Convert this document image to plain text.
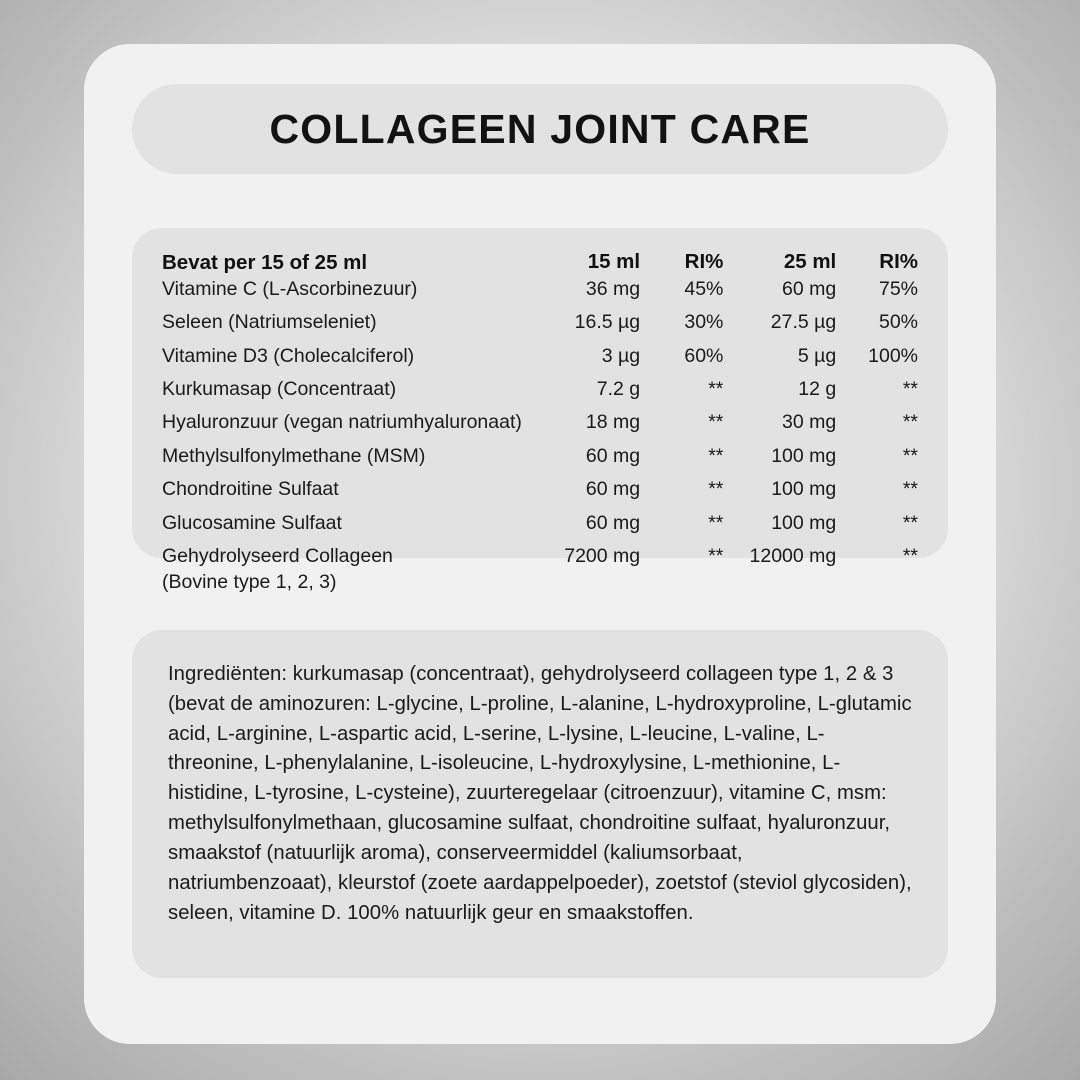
COLLAGEEN JOINT CARE
Bevat per 15 of 25 ml	15 ml	RI%	25 ml	RI%
Vitamine C (L-Ascorbinezuur)	36 mg	45%	60 mg	75%
Seleen (Natriumseleniet)	16.5 µg	30%	27.5 µg	50%
Vitamine D3 (Cholecalciferol)	3 µg	60%	5 µg	100%
Kurkumasap (Concentraat)	7.2 g	**	12 g	**
Hyaluronzuur (vegan natriumhyaluronaat)	18 mg	**	30 mg	**
Methylsulfonylmethane (MSM)	60 mg	**	100 mg	**
Chondroitine Sulfaat	60 mg	**	100 mg	**
Glucosamine Sulfaat	60 mg	**	100 mg	**

Gehydrolyseerd Collageen
(Bovine type 1, 2, 3)	7200 mg	**	12000 mg	**
Ingrediënten: kurkumasap (concentraat), gehydrolyseerd collageen type 1, 2 & 3 (bevat de aminozuren: L-glycine, L-proline, L-alanine, L-hydroxyproline, L-glutamic acid, L-arginine, L-aspartic acid, L-serine, L-lysine, L-leucine, L-valine, L-threonine, L-phenylalanine, L-isoleucine, L-hydroxylysine, L-methionine, L-histidine, L-tyrosine, L-cysteine), zuurteregelaar (citroenzuur), vitamine C, msm: methylsulfonylmethaan, glucosamine sulfaat, chondroitine sulfaat, hyaluronzuur, smaakstof (natuurlijk aroma), conserveermiddel (kaliumsorbaat, natriumbenzoaat), kleurstof (zoete aardappelpoeder), zoetstof (steviol glycosiden), seleen, vitamine D. 100% natuurlijk geur en smaakstoffen.
